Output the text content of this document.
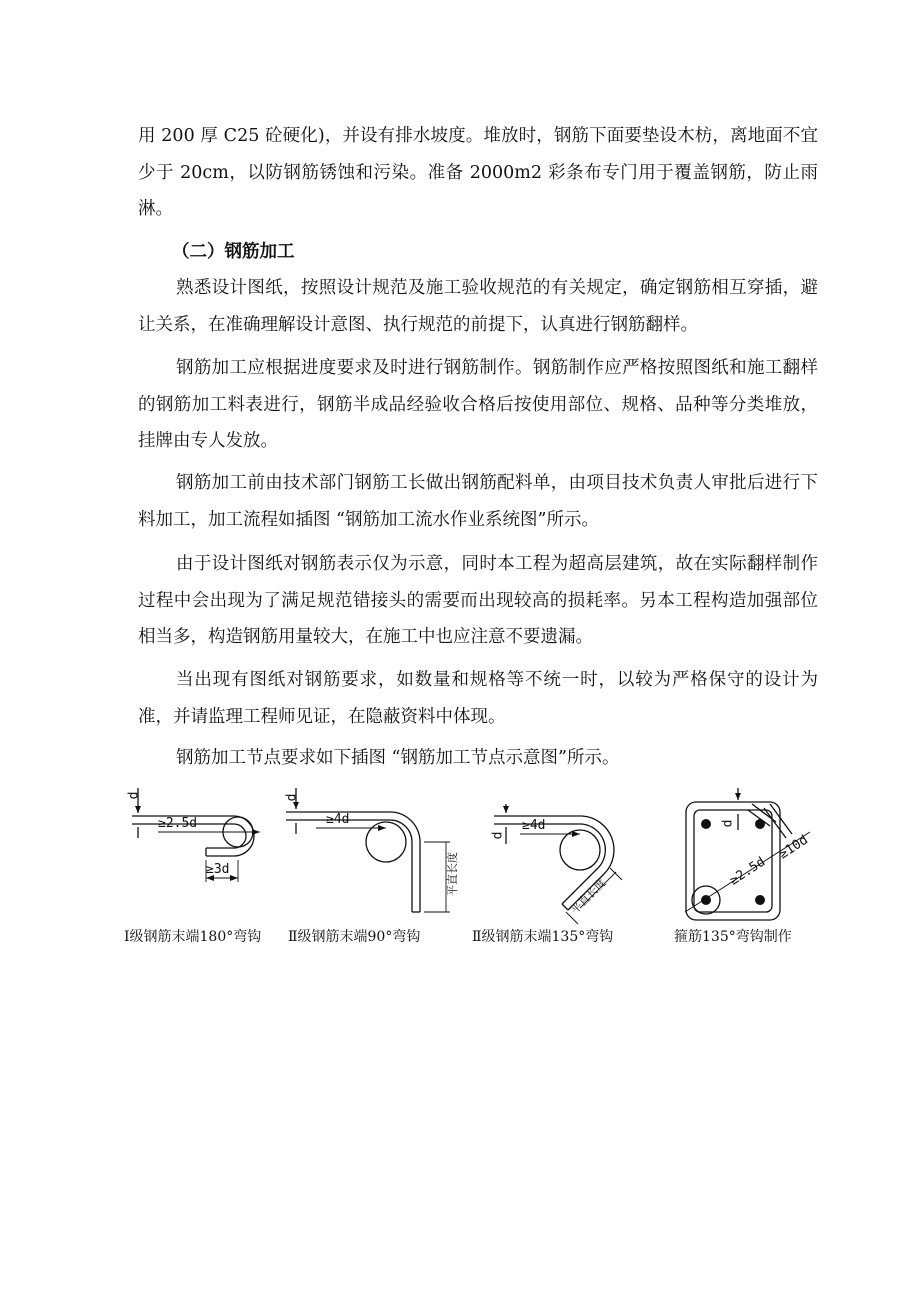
用 200 厚 C25 砼硬化)，并设有排水坡度。堆放时，钢筋下面要垫设木枋，离地面不宜少于 20cm，以防钢筋锈蚀和污染。准备 2000m2 彩条布专门用于覆盖钢筋，防止雨淋。

（二）钢筋加工

熟悉设计图纸，按照设计规范及施工验收规范的有关规定，确定钢筋相互穿插，避让关系，在准确理解设计意图、执行规范的前提下，认真进行钢筋翻样。

钢筋加工应根据进度要求及时进行钢筋制作。钢筋制作应严格按照图纸和施工翻样的钢筋加工料表进行，钢筋半成品经验收合格后按使用部位、规格、品种等分类堆放，挂牌由专人发放。

钢筋加工前由技术部门钢筋工长做出钢筋配料单，由项目技术负责人审批后进行下料加工，加工流程如插图 “钢筋加工流水作业系统图”所示。

由于设计图纸对钢筋表示仅为示意，同时本工程为超高层建筑，故在实际翻样制作过程中会出现为了满足规范错接头的需要而出现较高的损耗率。另本工程构造加强部位相当多，构造钢筋用量较大，在施工中也应注意不要遗漏。

当出现有图纸对钢筋要求，如数量和规格等不统一时，以较为严格保守的设计为准，并请监理工程师见证，在隐蔽资料中体现。

钢筋加工节点要求如下插图 “钢筋加工节点示意图”所示。

d
≥2.5d
≥3d
d
≥4d
平直长度
d
≥4d
平直长度
d
≥2.5d
≥10d
Ⅰ级钢筋末端180°弯钩 Ⅱ级钢筋末端90°弯钩	Ⅱ级钢筋末端135°弯钩	箍筋135°弯钩制作
